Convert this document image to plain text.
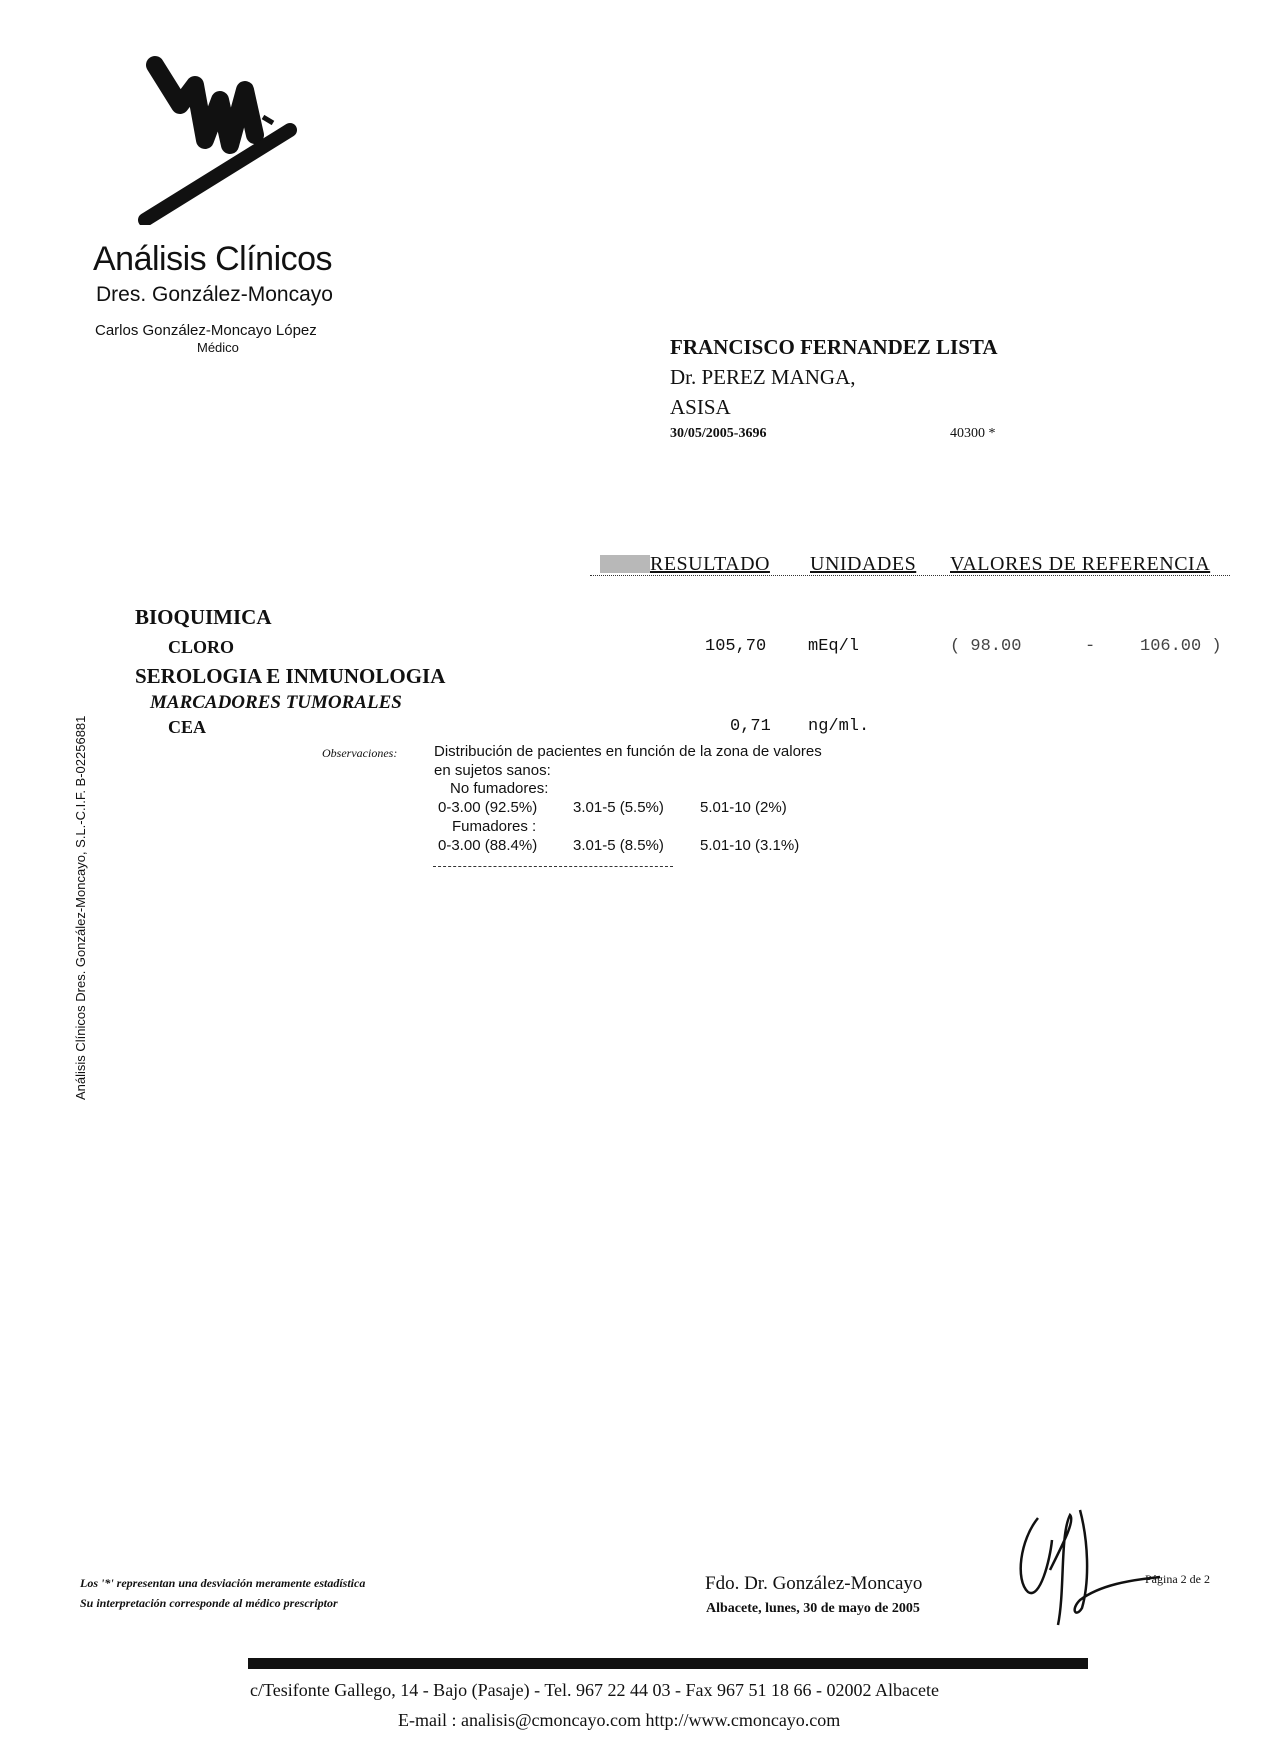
Análisis Clínicos
Dres. González-Moncayo
Carlos González-Moncayo López
Médico
Análisis Clínicos Dres. González-Moncayo, S.L.-C.I.F. B-02256881
FRANCISCO FERNANDEZ LISTA
Dr. PEREZ MANGA,
ASISA
30/05/2005-3696	40300 *
RESULTADO UNIDADES VALORES DE REFERENCIA
BIOQUIMICA
CLORO	105,70 mEq/l	( 98.00	-	106.00 )
SEROLOGIA E INMUNOLOGIA
MARCADORES TUMORALES
CEA	0,71 ng/ml.
Observaciones: Distribución de pacientes en función de la zona de valores
en sujetos sanos:
No fumadores:
0-3.00 (92.5%) 3.01-5 (5.5%) 5.01-10 (2%)
Fumadores :
0-3.00 (88.4%) 3.01-5 (8.5%) 5.01-10 (3.1%)
Los '*' representan una desviación meramente estadística
Su interpretación corresponde al médico prescriptor
Fdo. Dr. González-Moncayo
Albacete, lunes, 30 de mayo de 2005
Página 2 de 2
c/Tesifonte Gallego, 14 - Bajo (Pasaje) - Tel. 967 22 44 03 - Fax 967 51 18 66 - 02002 Albacete
E-mail : analisis@cmoncayo.com http://www.cmoncayo.com
